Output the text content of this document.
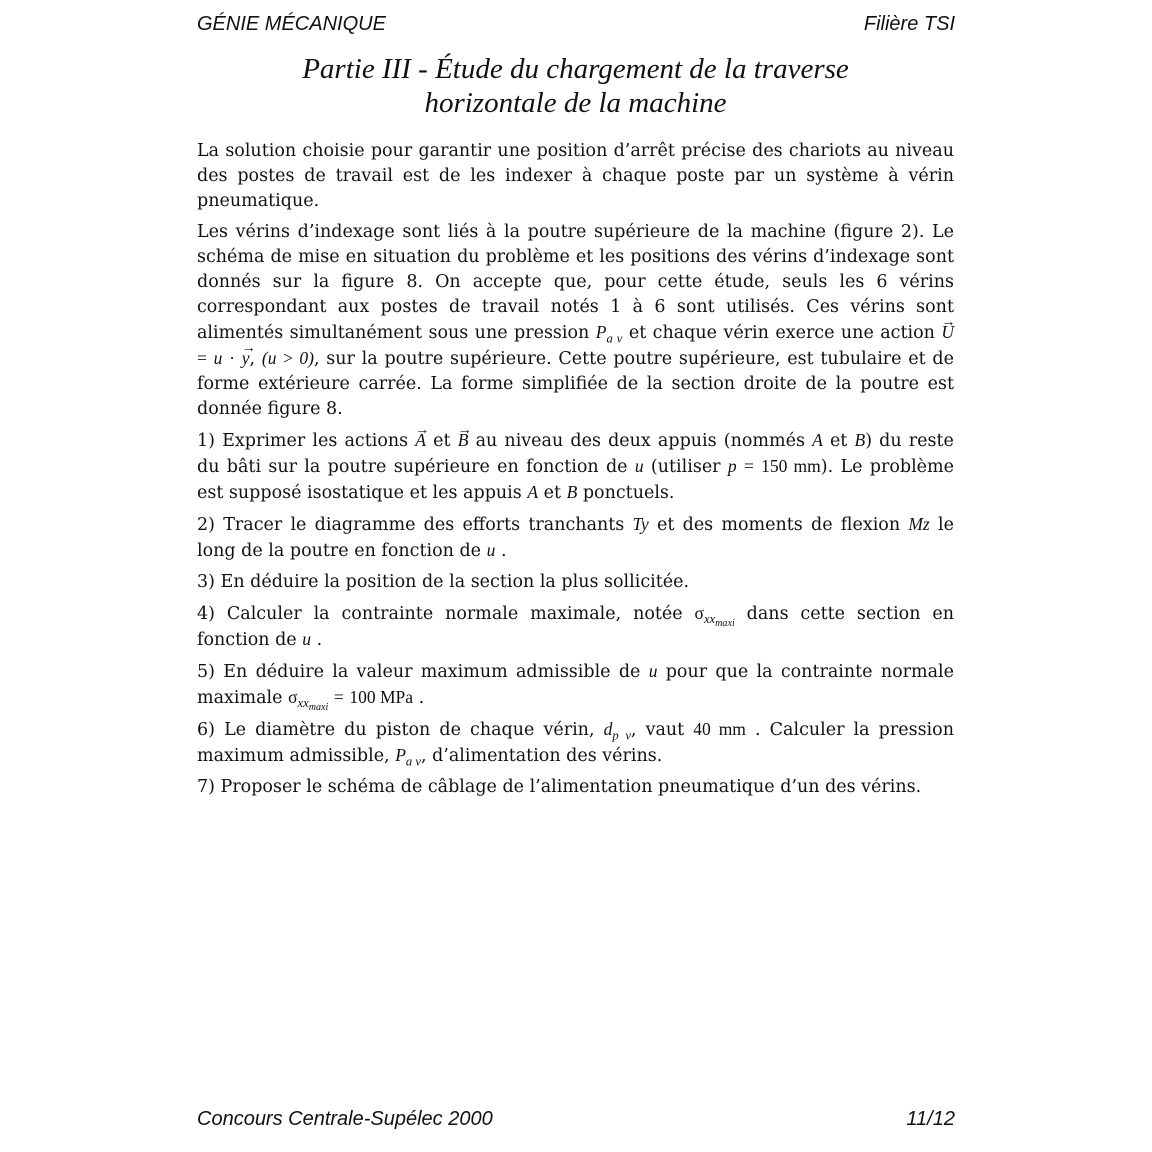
GÉNIE MÉCANIQUE	Filière TSI
Partie III - Étude du chargement de la traverse
horizontale de la machine

La solution choisie pour garantir une position d’arrêt précise des chariots au niveau des postes de travail est de les indexer à chaque poste par un système à vérin pneumatique.

Les vérins d’indexage sont liés à la poutre supérieure de la machine (figure 2). Le schéma de mise en situation du problème et les positions des vérins d’indexage sont donnés sur la figure 8. On accepte que, pour cette étude, seuls les 6 vérins correspondant aux postes de travail notés 1 à 6 sont utilisés. Ces vérins sont alimentés simultanément sous une pression $P_{a v}$ et chaque vérin exerce une action → U = u · → y, (u > 0), sur la poutre supérieure. Cette poutre supérieure, est tubulaire et de forme extérieure carrée. La forme simplifiée de la section droite de la poutre est donnée figure 8.

1) Exprimer les actions → A et → B au niveau des deux appuis (nommés A et B) du reste du bâti sur la poutre supérieure en fonction de u (utiliser p = 150 mm). Le problème est supposé isostatique et les appuis A et B ponctuels.

2) Tracer le diagramme des efforts tranchants Ty et des moments de flexion Mz le long de la poutre en fonction de u .

3) En déduire la position de la section la plus sollicitée.

4) Calculer la contrainte normale maximale, notée $\sigma_{xx_{maxi}}$ dans cette section en fonction de u .

5) En déduire la valeur maximum admissible de u pour que la contrainte normale maximale $\sigma_{xx_{maxi}} = 100$ MPa .

6) Le diamètre du piston de chaque vérin, $d_{p v}$, vaut 40 mm . Calculer la pression maximum admissible, $P_{a v}$, d’alimentation des vérins.

7) Proposer le schéma de câblage de l’alimentation pneumatique d’un des vérins.

Concours Centrale-Supélec 2000	11/12
